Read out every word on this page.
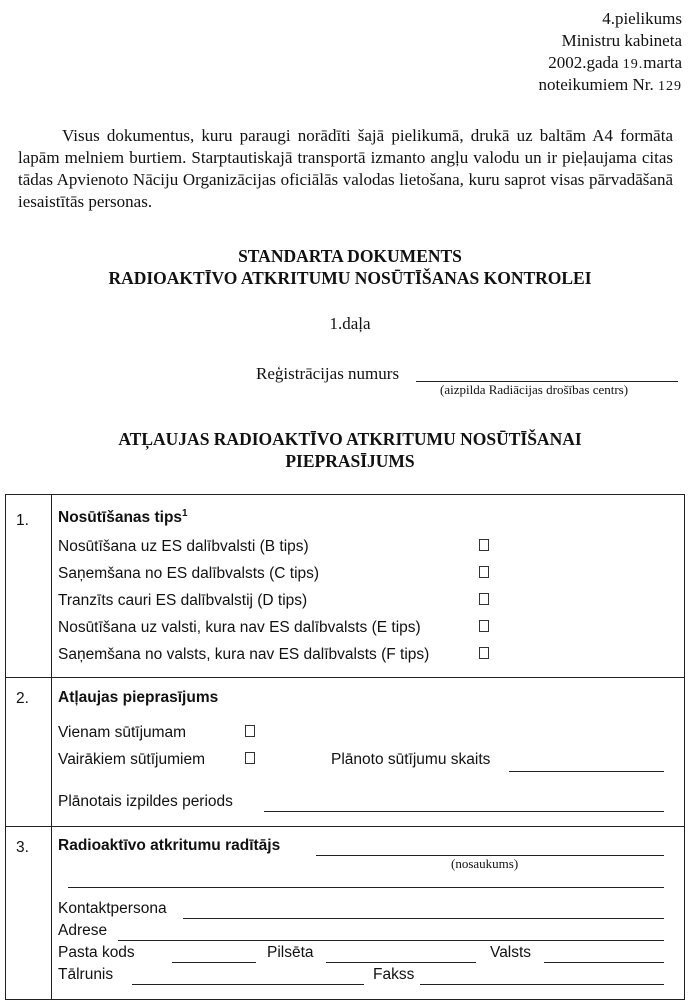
4.pielikums
Ministru kabineta
2002.gada 19.marta
noteikumiem Nr. 129
Visus dokumentus, kuru paraugi norādīti šajā pielikumā, drukā uz baltām A4 formāta lapām melniem burtiem. Starptautiskajā transportā izmanto angļu valodu un ir pieļaujama citas tādas Apvienoto Nāciju Organizācijas oficiālās valodas lietošana, kuru saprot visas pārvadāšanā iesaistītās personas.
STANDARTA DOKUMENTS
RADIOAKTĪVO ATKRITUMU NOSŪTĪŠANAS KONTROLEI
1.daļa
Reģistrācijas numurs
(aizpilda Radiācijas drošības centrs)
ATĻAUJAS RADIOAKTĪVO ATKRITUMU NOSŪTĪŠANAI
PIEPRASĪJUMS
1. Nosūtīšanas tips$^1$
Nosūtīšana uz ES dalībvalsti (B tips)
Saņemšana no ES dalībvalsts (C tips)
Tranzīts cauri ES dalībvalstij (D tips)
Nosūtīšana uz valsti, kura nav ES dalībvalsts (E tips)
Saņemšana no valsts, kura nav ES dalībvalsts (F tips)
2. Atļaujas pieprasījums
Vienam sūtījumam
Vairākiem sūtījumiem	Plānoto sūtījumu skaits
Plānotais izpildes periods
3. Radioaktīvo atkritumu radītājs
(nosaukums)
Kontaktpersona
Adrese
Pasta kods	Pilsēta	Valsts
Tālrunis	Fakss
